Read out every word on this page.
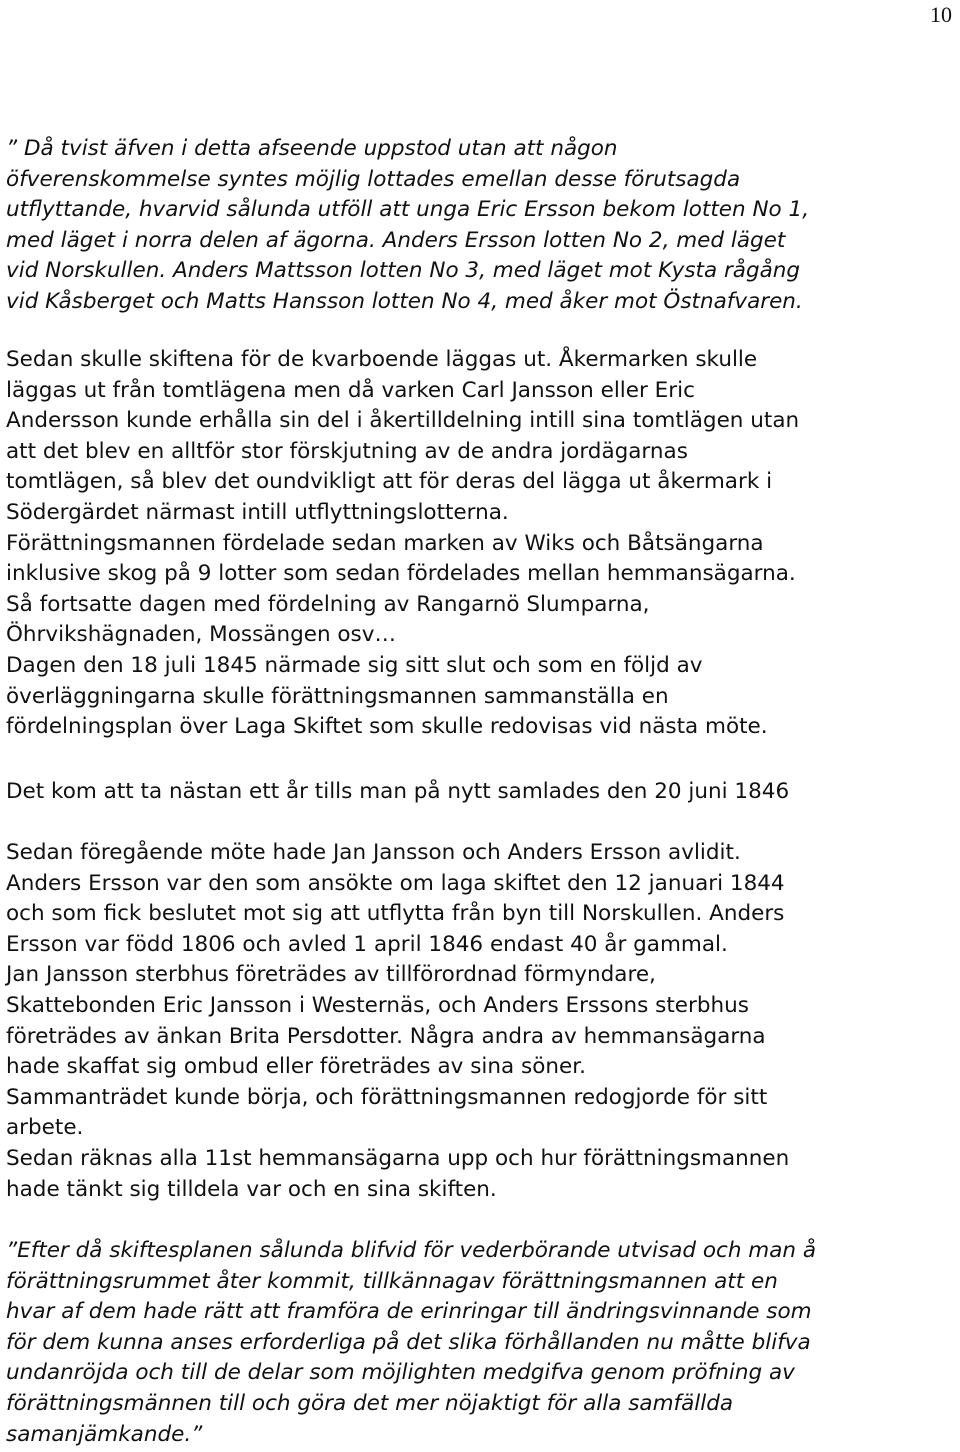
10

” Då tvist äfven i detta afseende uppstod utan att någon

öfverenskommelse syntes möjlig lottades emellan desse förutsagda

utflyttande, hvarvid sålunda utföll att unga Eric Ersson bekom lotten No 1,

med läget i norra delen af ägorna. Anders Ersson lotten No 2, med läget

vid Norskullen. Anders Mattsson lotten No 3, med läget mot Kysta rågång

vid Kåsberget och Matts Hansson lotten No 4, med åker mot Östnafvaren.

Sedan skulle skiftena för de kvarboende läggas ut. Åkermarken skulle

läggas ut från tomtlägena men då varken Carl Jansson eller Eric

Andersson kunde erhålla sin del i åkertilldelning intill sina tomtlägen utan

att det blev en alltför stor förskjutning av de andra jordägarnas

tomtlägen, så blev det oundvikligt att för deras del lägga ut åkermark i

Södergärdet närmast intill utflyttningslotterna.

Förättningsmannen fördelade sedan marken av Wiks och Båtsängarna

inklusive skog på 9 lotter som sedan fördelades mellan hemmansägarna.

Så fortsatte dagen med fördelning av Rangarnö Slumparna,

Öhrvikshägnaden, Mossängen osv…

Dagen den 18 juli 1845 närmade sig sitt slut och som en följd av

överläggningarna skulle förättningsmannen sammanställa en

fördelningsplan över Laga Skiftet som skulle redovisas vid nästa möte.

Det kom att ta nästan ett år tills man på nytt samlades den 20 juni 1846

Sedan föregående möte hade Jan Jansson och Anders Ersson avlidit.

Anders Ersson var den som ansökte om laga skiftet den 12 januari 1844

och som fick beslutet mot sig att utflytta från byn till Norskullen. Anders

Ersson var född 1806 och avled 1 april 1846 endast 40 år gammal.

Jan Jansson sterbhus företrädes av tillförordnad förmyndare,

Skattebonden Eric Jansson i Westernäs, och Anders Erssons sterbhus

företrädes av änkan Brita Persdotter. Några andra av hemmansägarna

hade skaffat sig ombud eller företrädes av sina söner.

Sammanträdet kunde börja, och förättningsmannen redogjorde för sitt

arbete.

Sedan räknas alla 11st hemmansägarna upp och hur förättningsmannen

hade tänkt sig tilldela var och en sina skiften.

”Efter då skiftesplanen sålunda blifvid för vederbörande utvisad och man å

förättningsrummet åter kommit, tillkännagav förättningsmannen att en

hvar af dem hade rätt att framföra de erinringar till ändringsvinnande som

för dem kunna anses erforderliga på det slika förhållanden nu måtte blifva

undanröjda och till de delar som möjlighten medgifva genom pröfning av

förättningsmännen till och göra det mer nöjaktigt för alla samfällda

samanjämkande.”
